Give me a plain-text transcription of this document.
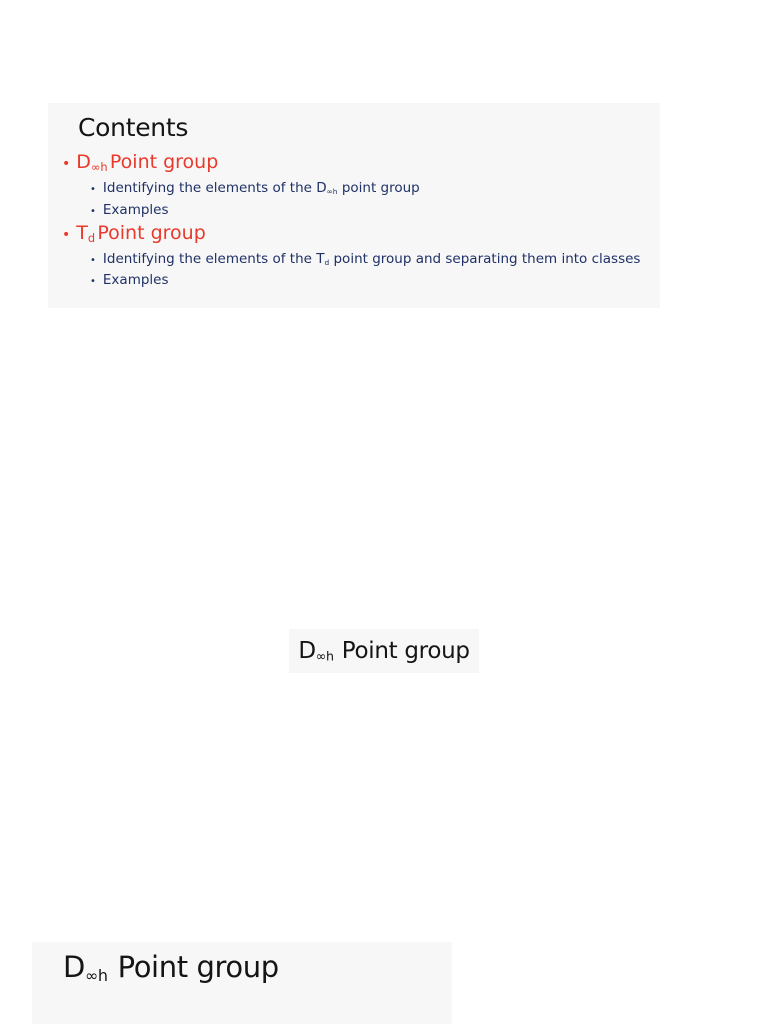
Contents
• $D_{\infty h}$ Point group
• Identifying the elements of the $D_{\infty h}$ point group
• Examples
• $T_d$ Point group
• Identifying the elements of the $T_d$ point group and separating them into classes
• Examples
$D_{\infty h}$ Point group
$D_{\infty h}$ Point group
